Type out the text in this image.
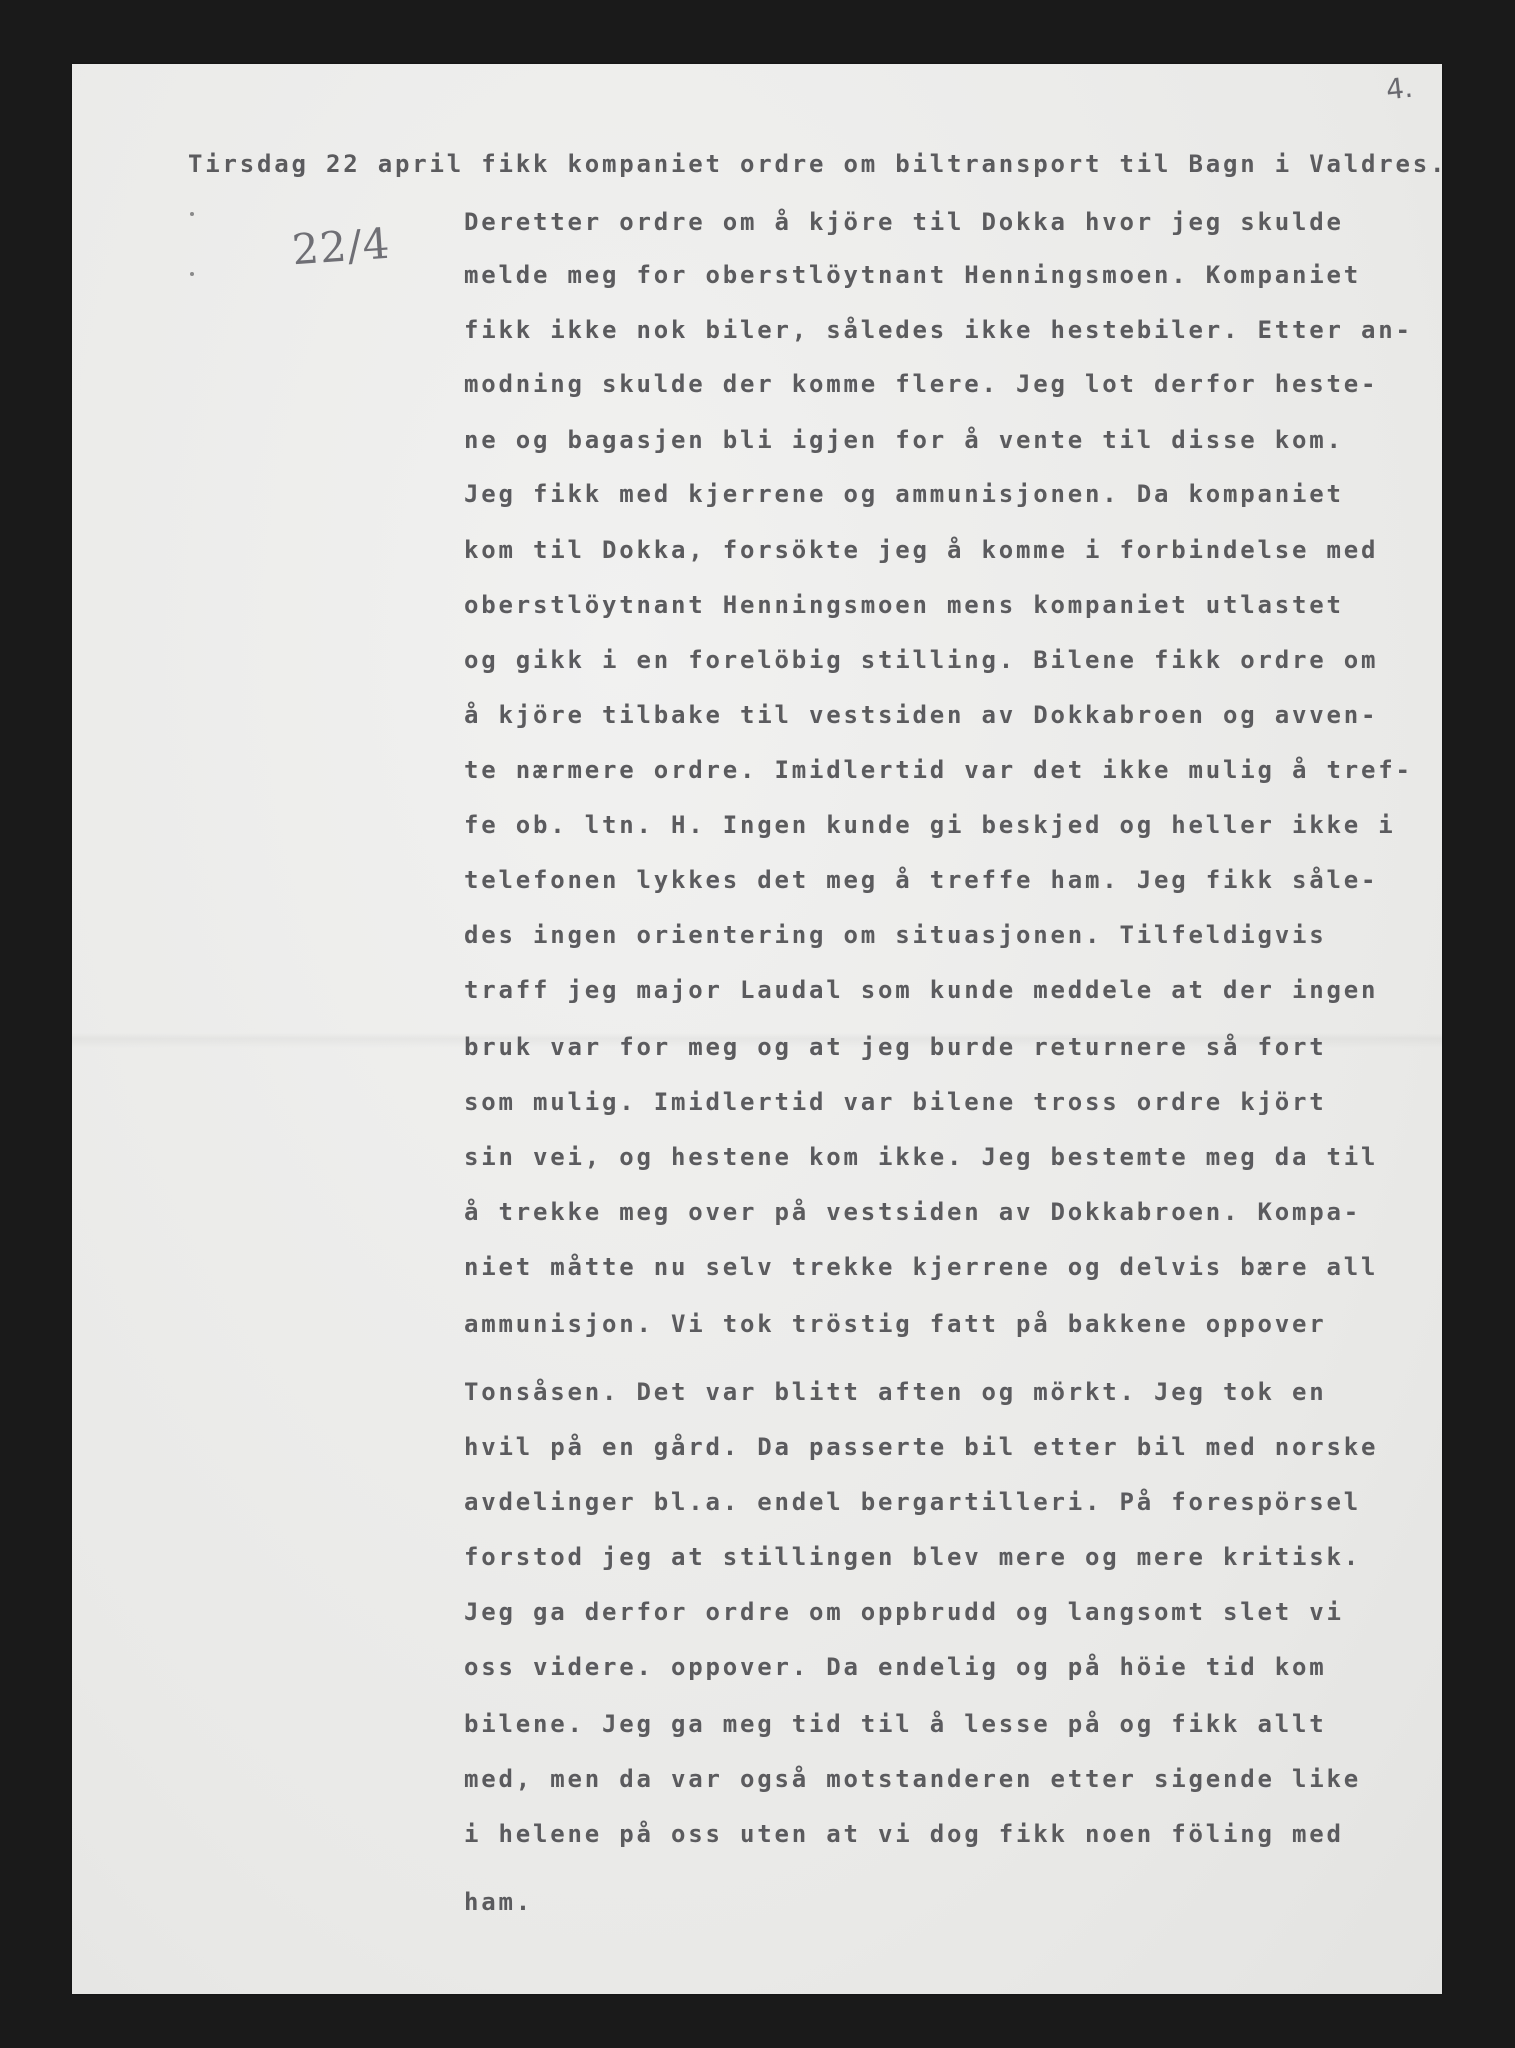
4.
22/4
Tirsdag 22 april fikk kompaniet ordre om biltransport til Bagn i Valdres.
Deretter ordre om å kjöre til Dokka hvor jeg skulde
melde meg for oberstlöytnant Henningsmoen. Kompaniet
fikk ikke nok biler, således ikke hestebiler. Etter an-
modning skulde der komme flere. Jeg lot derfor heste-
ne og bagasjen bli igjen for å vente til disse kom.
Jeg fikk med kjerrene og ammunisjonen. Da kompaniet
kom til Dokka, forsökte jeg å komme i forbindelse med
oberstlöytnant Henningsmoen mens kompaniet utlastet
og gikk i en forelöbig stilling. Bilene fikk ordre om
å kjöre tilbake til vestsiden av Dokkabroen og avven-
te nærmere ordre. Imidlertid var det ikke mulig å tref-
fe ob. ltn. H. Ingen kunde gi beskjed og heller ikke i
telefonen lykkes det meg å treffe ham. Jeg fikk såle-
des ingen orientering om situasjonen. Tilfeldigvis
traff jeg major Laudal som kunde meddele at der ingen
bruk var for meg og at jeg burde returnere så fort
som mulig. Imidlertid var bilene tross ordre kjört
sin vei, og hestene kom ikke. Jeg bestemte meg da til
å trekke meg over på vestsiden av Dokkabroen. Kompa-
niet måtte nu selv trekke kjerrene og delvis bære all
ammunisjon. Vi tok tröstig fatt på bakkene oppover
Tonsåsen. Det var blitt aften og mörkt. Jeg tok en
hvil på en gård. Da passerte bil etter bil med norske
avdelinger bl.a. endel bergartilleri. På forespörsel
forstod jeg at stillingen blev mere og mere kritisk.
Jeg ga derfor ordre om oppbrudd og langsomt slet vi
oss videre. oppover. Da endelig og på höie tid kom
bilene. Jeg ga meg tid til å lesse på og fikk allt
med, men da var også motstanderen etter sigende like
i helene på oss uten at vi dog fikk noen föling med
ham.
